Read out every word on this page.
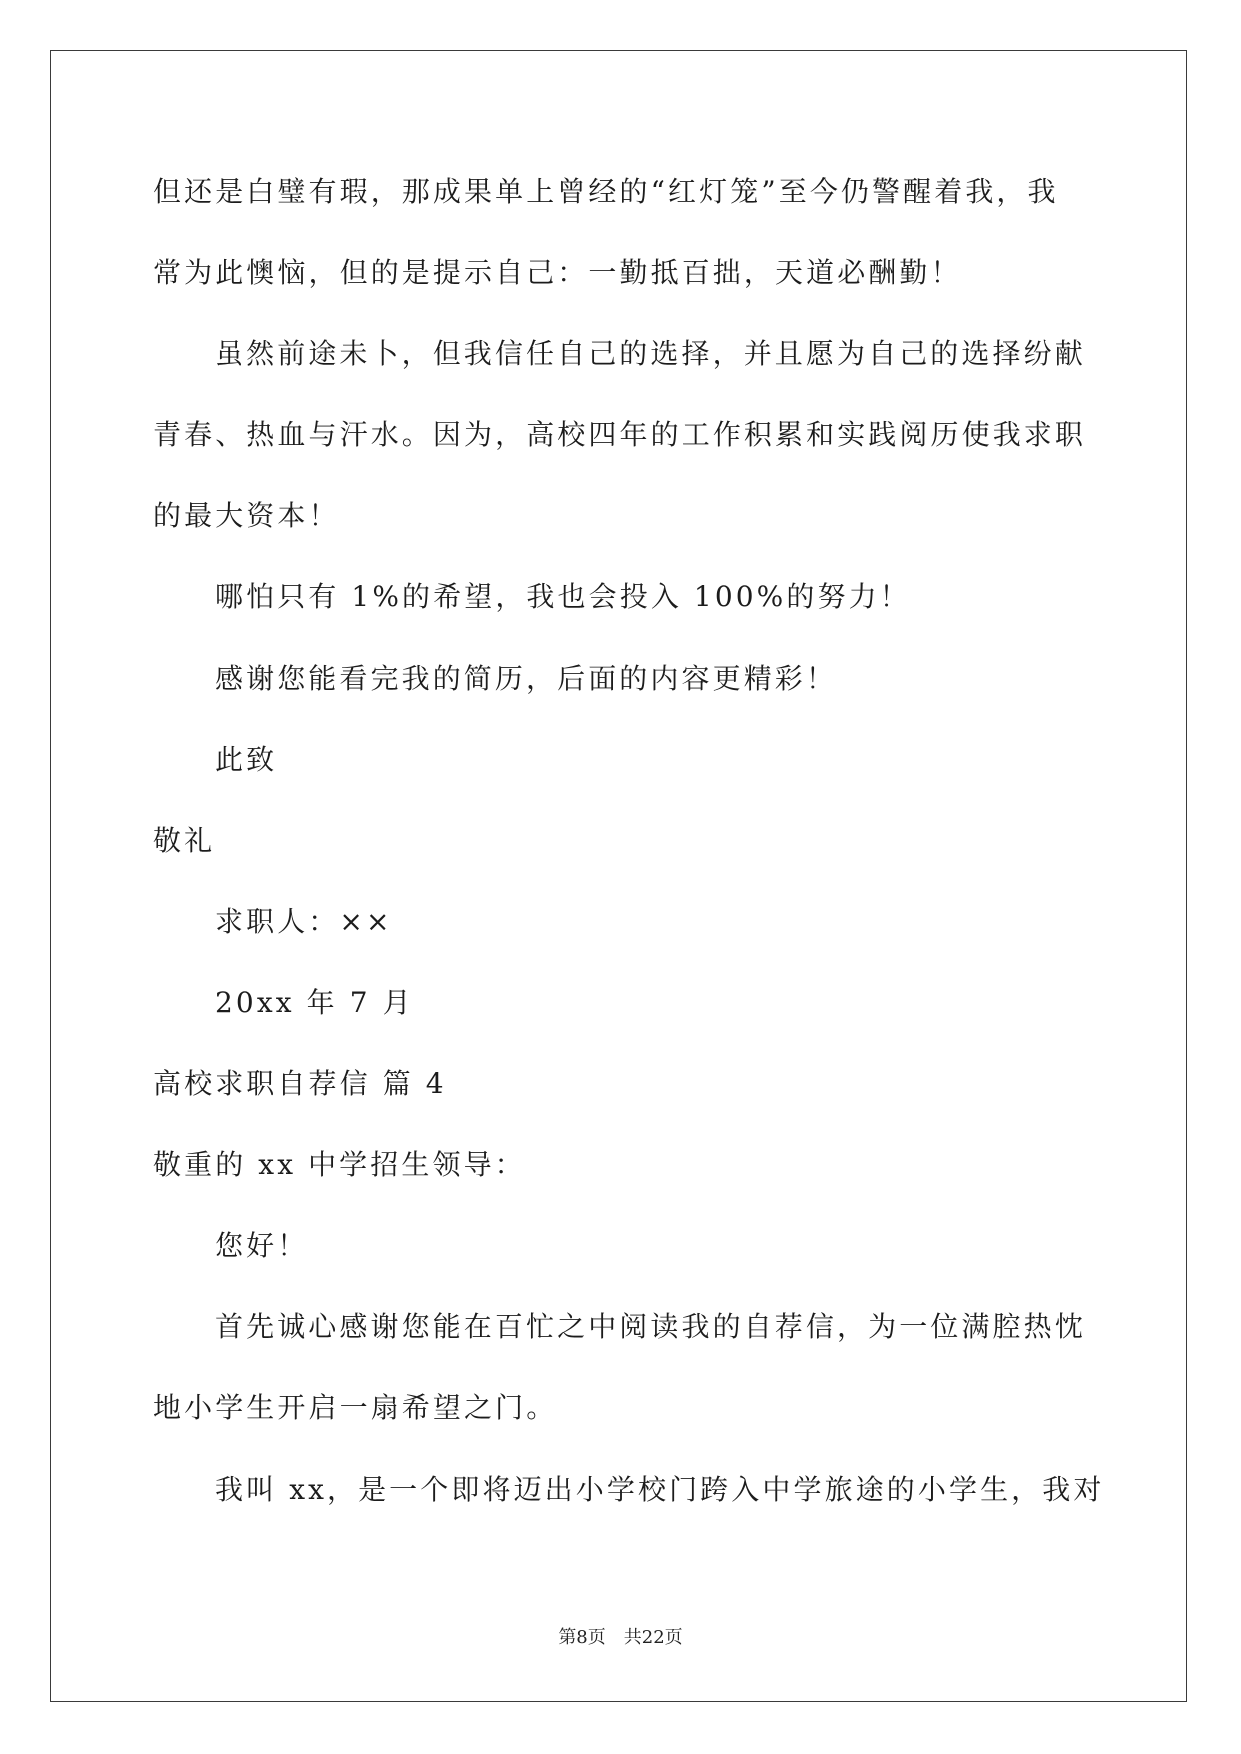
但还是白璧有瑕，那成果单上曾经的“红灯笼”至今仍警醒着我，我
常为此懊恼，但的是提示自己：一勤抵百拙，天道必酬勤！
虽然前途未卜，但我信任自己的选择，并且愿为自己的选择纷献
青春、热血与汗水。因为，高校四年的工作积累和实践阅历使我求职
的最大资本！
哪怕只有 1%的希望，我也会投入 100%的努力！
感谢您能看完我的简历，后面的内容更精彩！
此致
敬礼
求职人：××
20xx 年 7 月
高校求职自荐信 篇 4
敬重的 xx 中学招生领导：
您好！
首先诚心感谢您能在百忙之中阅读我的自荐信，为一位满腔热忱
地小学生开启一扇希望之门。
我叫 xx，是一个即将迈出小学校门跨入中学旅途的小学生，我对
第8页　共22页
